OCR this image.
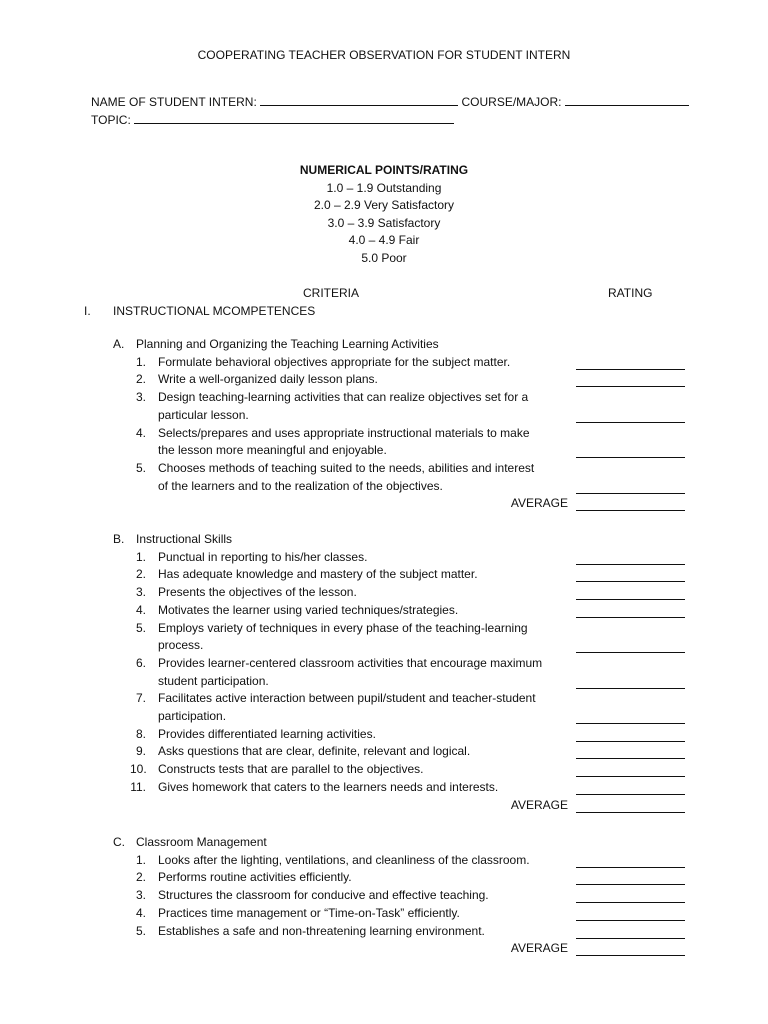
COOPERATING TEACHER OBSERVATION FOR STUDENT INTERN
NAME OF STUDENT INTERN:	COURSE/MAJOR:
TOPIC:
NUMERICAL POINTS/RATING
1.0 – 1.9 Outstanding
2.0 – 2.9 Very Satisfactory
3.0 – 3.9 Satisfactory
4.0 – 4.9 Fair
5.0 Poor
CRITERIA	RATING
I. INSTRUCTIONAL MCOMPETENCES
A. Planning and Organizing the Teaching Learning Activities
1. Formulate behavioral objectives appropriate for the subject matter.
2. Write a well-organized daily lesson plans.
3. Design teaching-learning activities that can realize objectives set for a
particular lesson.
4. Selects/prepares and uses appropriate instructional materials to make
the lesson more meaningful and enjoyable.
5. Chooses methods of teaching suited to the needs, abilities and interest
of the learners and to the realization of the objectives.
AVERAGE
B. Instructional Skills
1. Punctual in reporting to his/her classes.
2. Has adequate knowledge and mastery of the subject matter.
3. Presents the objectives of the lesson.
4. Motivates the learner using varied techniques/strategies.
5. Employs variety of techniques in every phase of the teaching-learning
process.
6. Provides learner-centered classroom activities that encourage maximum
student participation.
7. Facilitates active interaction between pupil/student and teacher-student
participation.
8. Provides differentiated learning activities.
9. Asks questions that are clear, definite, relevant and logical.
10. Constructs tests that are parallel to the objectives.
11. Gives homework that caters to the learners needs and interests.
AVERAGE
C. Classroom Management
1. Looks after the lighting, ventilations, and cleanliness of the classroom.
2. Performs routine activities efficiently.
3. Structures the classroom for conducive and effective teaching.
4. Practices time management or “Time-on-Task” efficiently.
5. Establishes a safe and non-threatening learning environment.
AVERAGE
